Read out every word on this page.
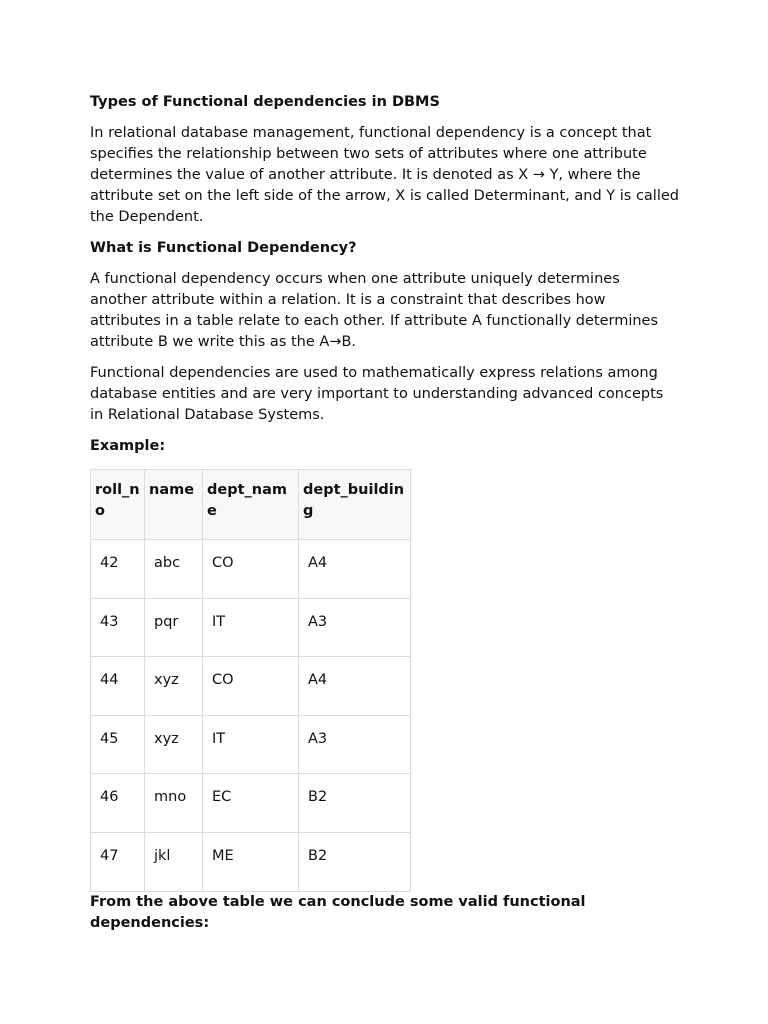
Types of Functional dependencies in DBMS

In relational database management, functional dependency is a concept that specifies the relationship between two sets of attributes where one attribute determines the value of another attribute. It is denoted as X → Y, where the attribute set on the left side of the arrow, X is called Determinant, and Y is called the Dependent.

What is Functional Dependency?

A functional dependency occurs when one attribute uniquely determines another attribute within a relation. It is a constraint that describes how attributes in a table relate to each other. If attribute A functionally determines attribute B we write this as the A→B.

Functional dependencies are used to mathematically express relations among database entities and are very important to understanding advanced concepts in Relational Database Systems.

Example:

roll_no	name	dept_name	dept_building
42	abc	CO	A4
43	pqr	IT	A3
44	xyz	CO	A4
45	xyz	IT	A3
46	mno	EC	B2
47	jkl	ME	B2

From the above table we can conclude some valid functional dependencies:
